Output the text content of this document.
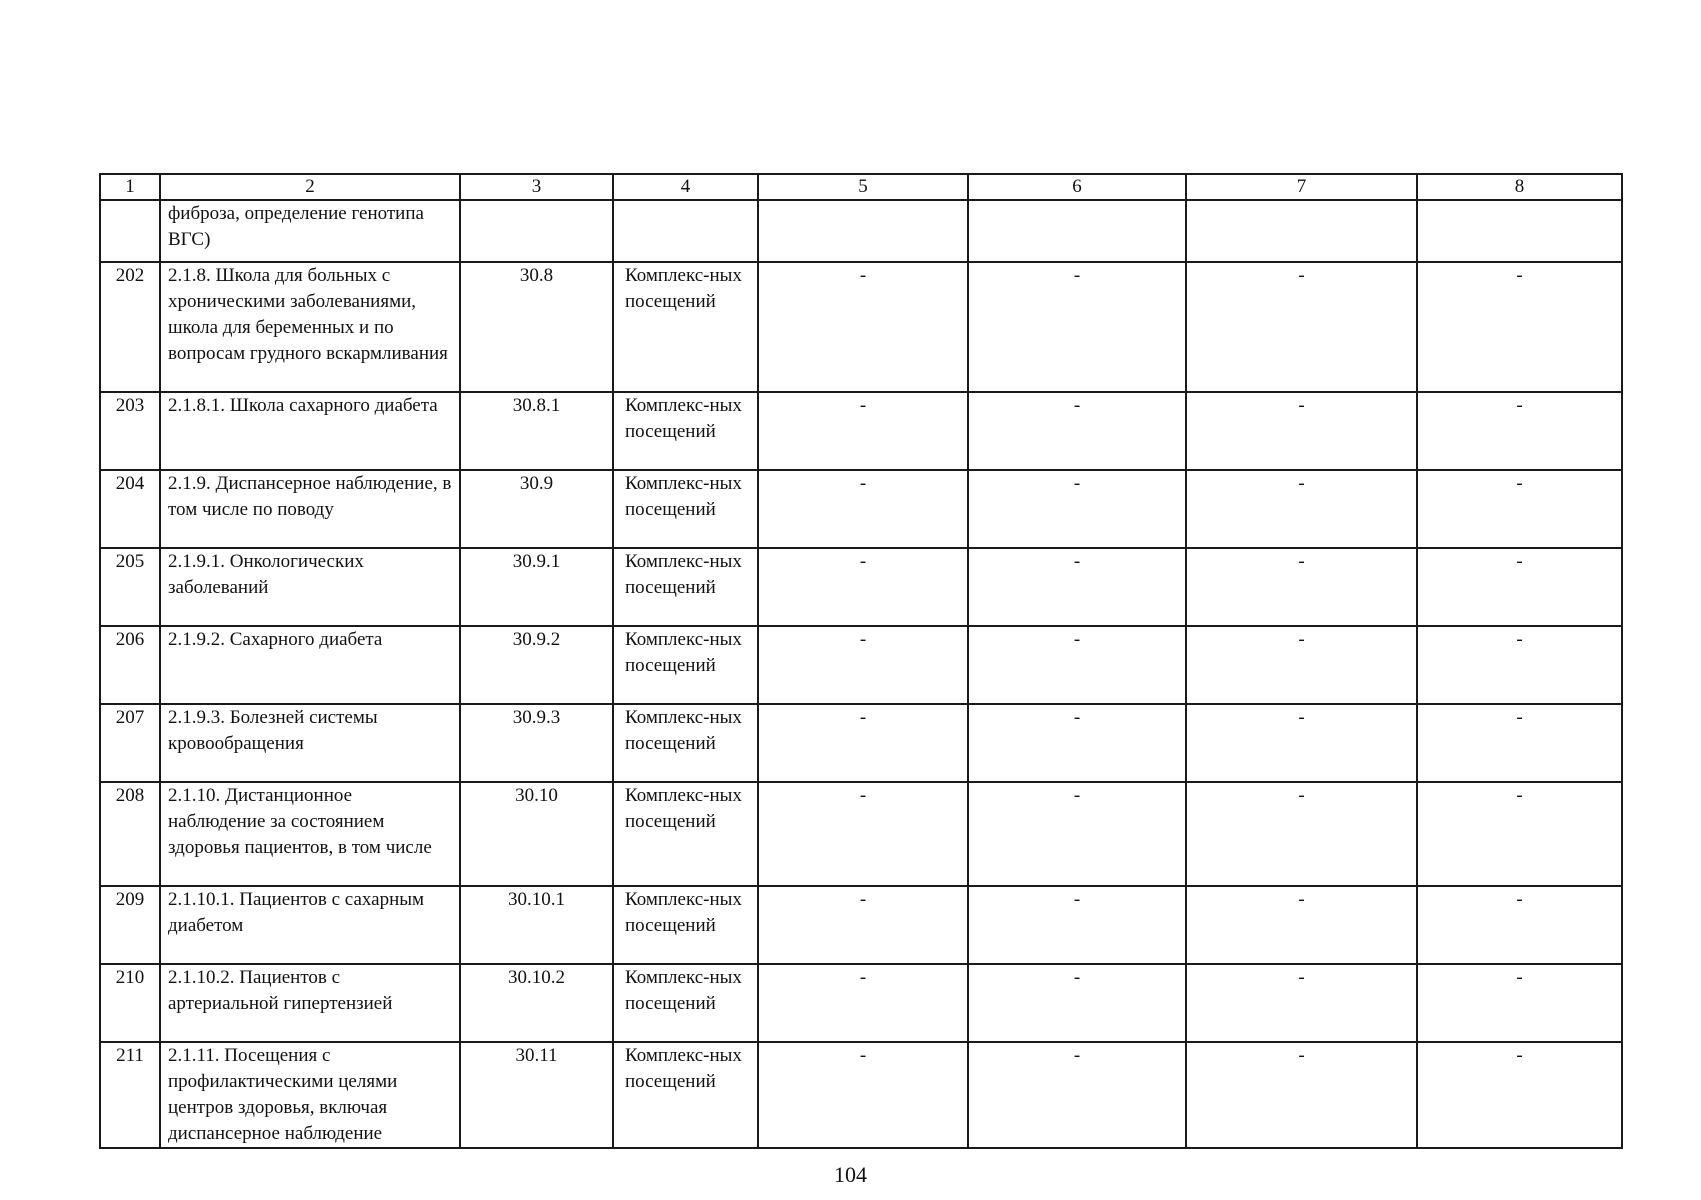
1	2	3	4	5	6	7	8
	фиброза, определение генотипа ВГС)						
202	2.1.8. Школа для больных с хроническими заболеваниями, школа для беременных и по вопросам грудного вскармливания	30.8	Комплекс-ных посещений	-	-	-	-
203	2.1.8.1. Школа сахарного диабета	30.8.1	Комплекс-ных посещений	-	-	-	-
204	2.1.9. Диспансерное наблюдение, в том числе по поводу	30.9	Комплекс-ных посещений	-	-	-	-
205	2.1.9.1. Онкологических заболеваний	30.9.1	Комплекс-ных посещений	-	-	-	-
206	2.1.9.2. Сахарного диабета	30.9.2	Комплекс-ных посещений	-	-	-	-
207	2.1.9.3. Болезней системы кровообращения	30.9.3	Комплекс-ных посещений	-	-	-	-
208	2.1.10. Дистанционное наблюдение за состоянием здоровья пациентов, в том числе	30.10	Комплекс-ных посещений	-	-	-	-
209	2.1.10.1. Пациентов с сахарным диабетом	30.10.1	Комплекс-ных посещений	-	-	-	-
210	2.1.10.2. Пациентов с артериальной гипертензией	30.10.2	Комплекс-ных посещений	-	-	-	-
211	2.1.11. Посещения с профилактическими целями центров здоровья, включая диспансерное наблюдение	30.11	Комплекс-ных посещений	-	-	-	-
104
